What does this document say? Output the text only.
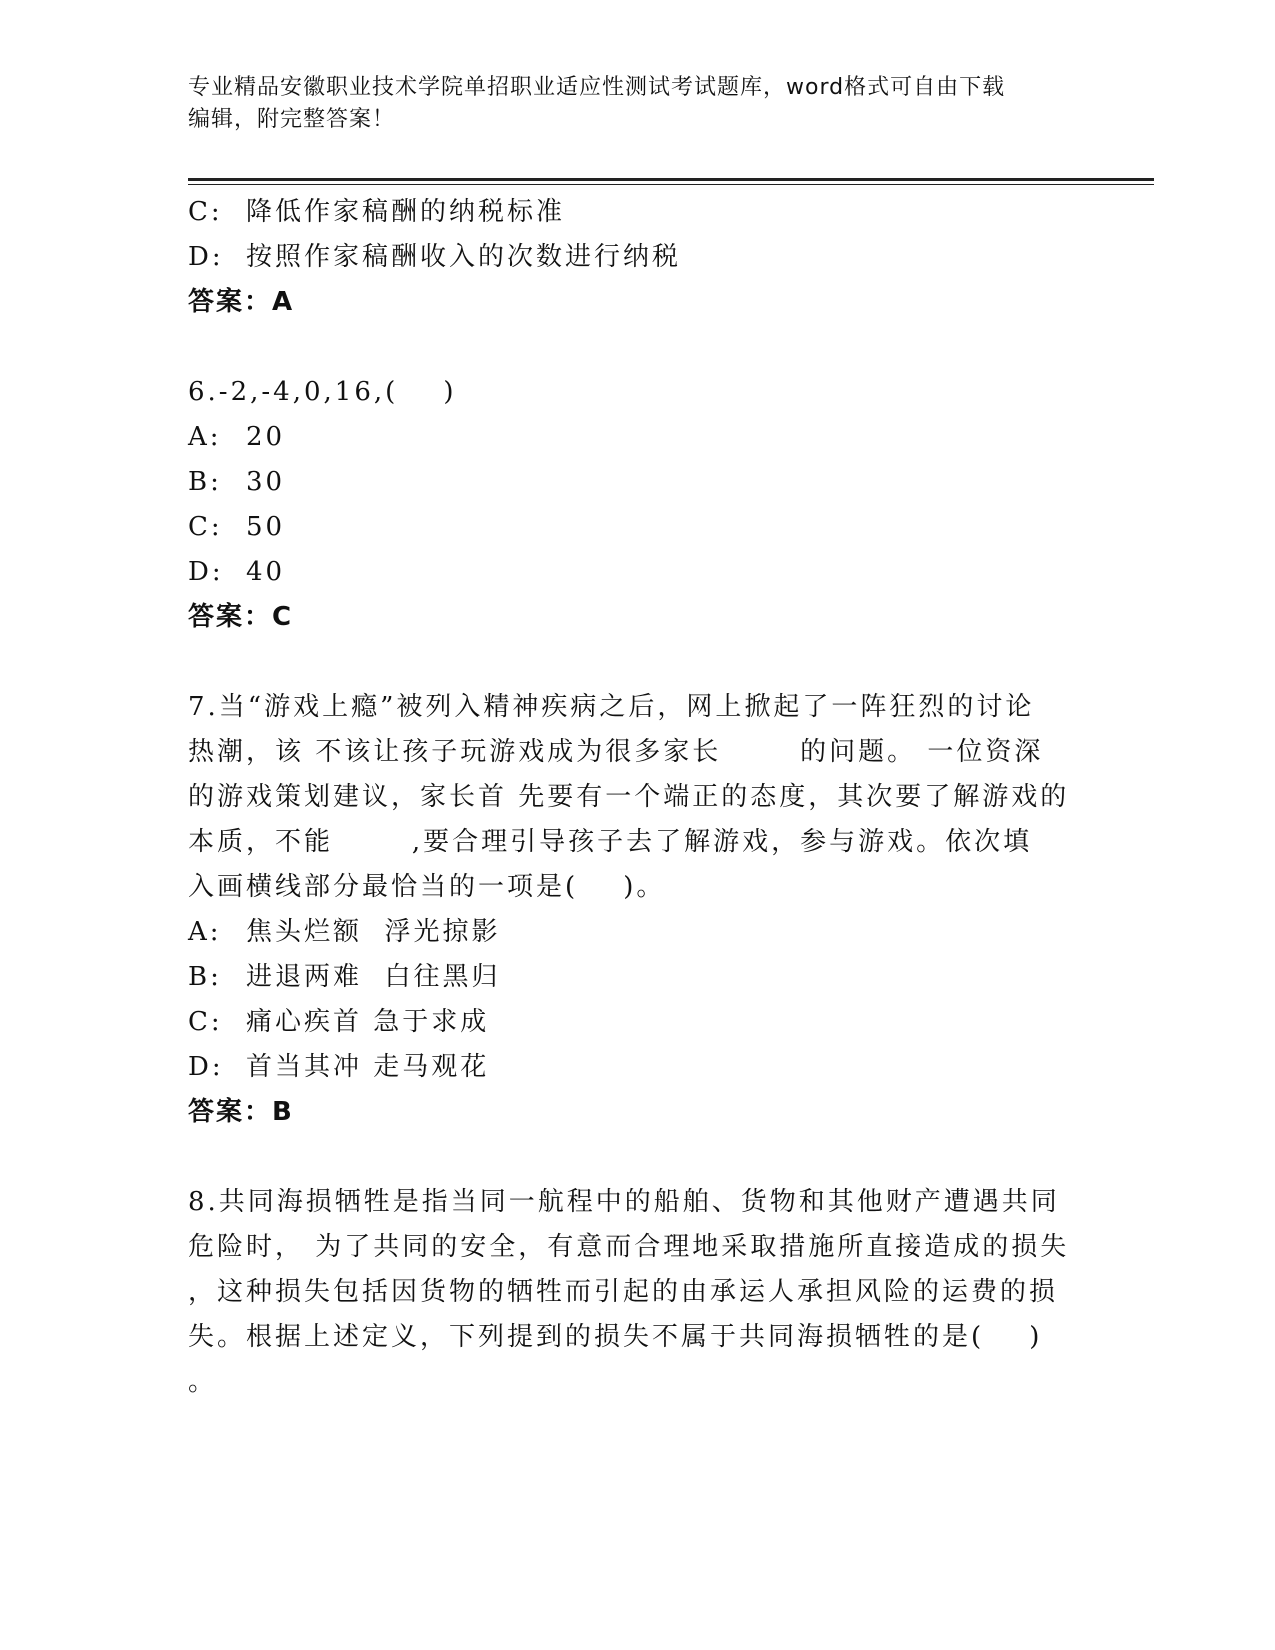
专业精品安徽职业技术学院单招职业适应性测试考试题库，word格式可自由下载
编辑，附完整答案！
C: 降低作家稿酬的纳税标准
D: 按照作家稿酬收入的次数进行纳税
答案：A
6.-2,-4,0,16,(    )
A: 20
B: 30
C: 50
D: 40
答案：C
7.当“游戏上瘾”被列入精神疾病之后，网上掀起了一阵狂烈的讨论
热潮，该 不该让孩子玩游戏成为很多家长       的问题。 一位资深
的游戏策划建议，家长首 先要有一个端正的态度，其次要了解游戏的
本质，不能       ,要合理引导孩子去了解游戏，参与游戏。依次填
入画横线部分最恰当的一项是(    )。
A: 焦头烂额  浮光掠影
B: 进退两难  白往黑归
C: 痛心疾首 急于求成
D: 首当其冲 走马观花
答案：B
8.共同海损牺牲是指当同一航程中的船舶、货物和其他财产遭遇共同
危险时， 为了共同的安全，有意而合理地采取措施所直接造成的损失
，这种损失包括因货物的牺牲而引起的由承运人承担风险的运费的损
失。根据上述定义，下列提到的损失不属于共同海损牺牲的是(    )
。
